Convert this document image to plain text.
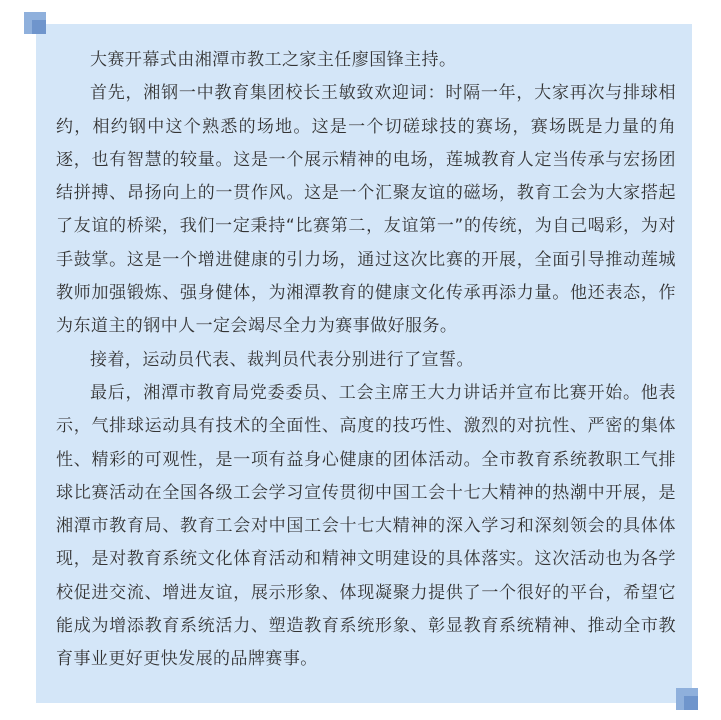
大赛开幕式由湘潭市教工之家主任廖国锋主持。

首先，湘钢一中教育集团校长王敏致欢迎词：时隔一年，大家再次与排球相约，相约钢中这个熟悉的场地。这是一个切磋球技的赛场，赛场既是力量的角逐，也有智慧的较量。这是一个展示精神的电场，莲城教育人定当传承与宏扬团结拼搏、昂扬向上的一贯作风。这是一个汇聚友谊的磁场，教育工会为大家搭起了友谊的桥梁，我们一定秉持“比赛第二，友谊第一”的传统，为自己喝彩，为对手鼓掌。这是一个增进健康的引力场，通过这次比赛的开展，全面引导推动莲城教师加强锻炼、强身健体，为湘潭教育的健康文化传承再添力量。他还表态，作为东道主的钢中人一定会竭尽全力为赛事做好服务。

接着，运动员代表、裁判员代表分别进行了宣誓。

最后，湘潭市教育局党委委员、工会主席王大力讲话并宣布比赛开始。他表示，气排球运动具有技术的全面性、高度的技巧性、激烈的对抗性、严密的集体性、精彩的可观性，是一项有益身心健康的团体活动。全市教育系统教职工气排球比赛活动在全国各级工会学习宣传贯彻中国工会十七大精神的热潮中开展，是湘潭市教育局、教育工会对中国工会十七大精神的深入学习和深刻领会的具体体现，是对教育系统文化体育活动和精神文明建设的具体落实。这次活动也为各学校促进交流、增进友谊，展示形象、体现凝聚力提供了一个很好的平台，希望它能成为增添教育系统活力、塑造教育系统形象、彰显教育系统精神、推动全市教育事业更好更快发展的品牌赛事。
